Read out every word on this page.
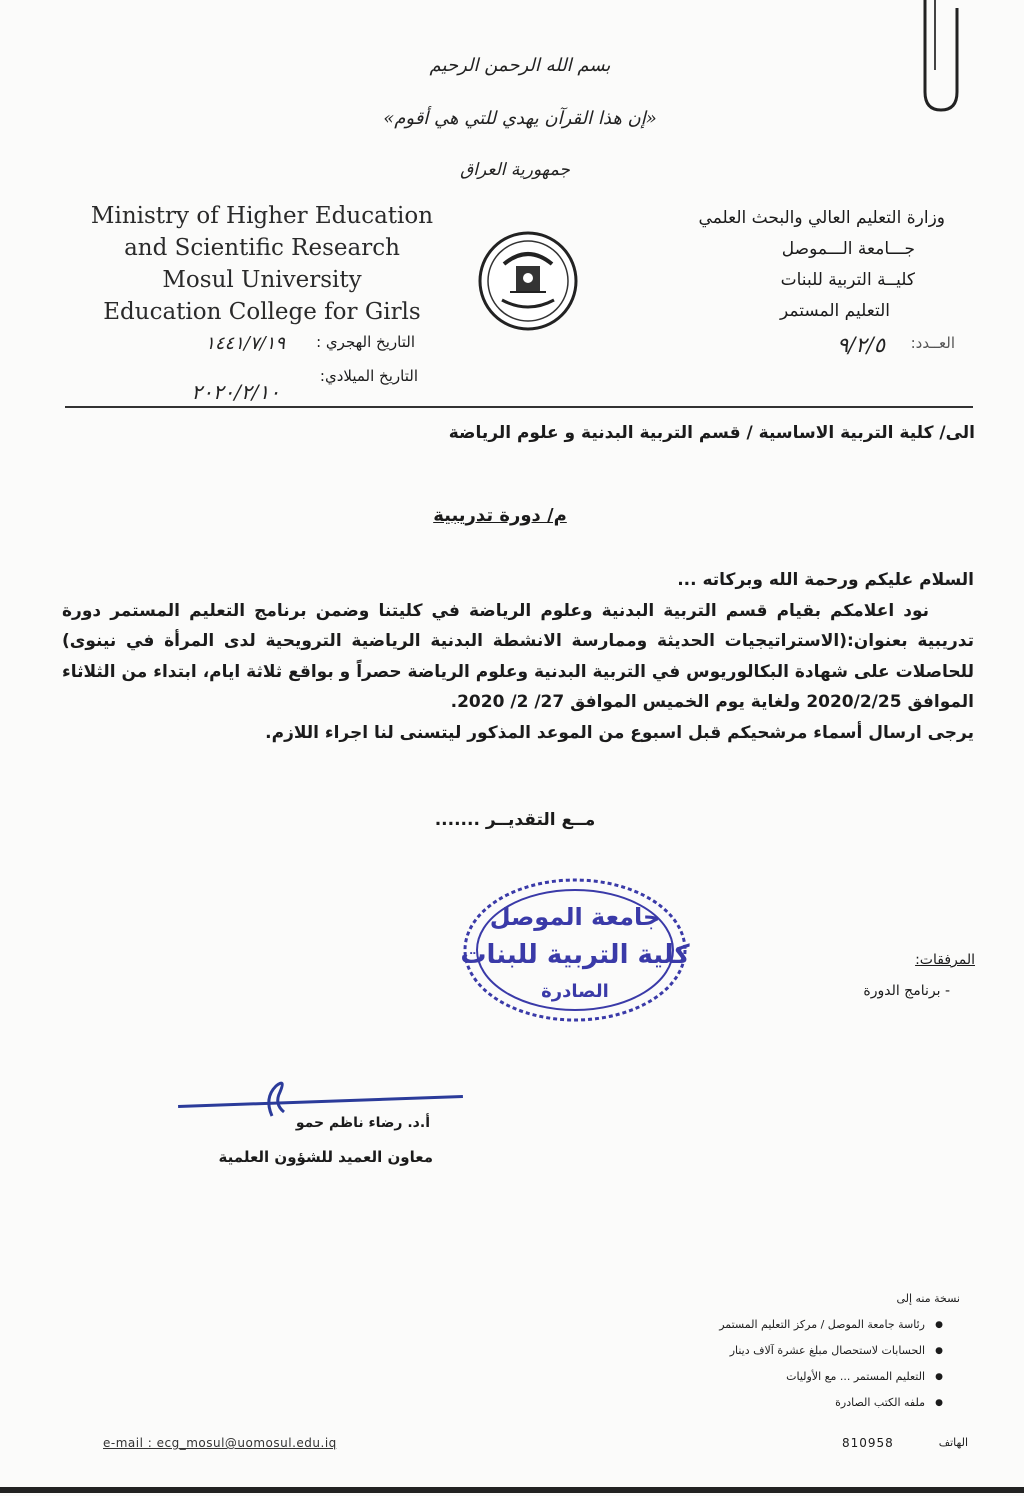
بسم الله الرحمن الرحيم
«إن هذا القرآن يهدي للتي هي أقوم»
جمهورية العراق
Ministry of Higher Education
and Scientific Research
Mosul University
Education College for Girls
وزارة التعليم العالي والبحث العلمي
جـــامعة الـــموصل
كليــة التربية للبنات
التعليم المستمر
العــدد:
٩/٢/٥
التاريخ الهجري :
١٤٤١/٧/١٩
التاريخ الميلادي:
٢٠٢٠/٢/١٠
الى/ كلية التربية الاساسية / قسم التربية البدنية و علوم الرياضة
م/ دورة تدريبية

السلام عليكم ورحمة الله وبركاته ...

نود اعلامكم بقيام قسم التربية البدنية وعلوم الرياضة في كليتنا وضمن برنامج التعليم المستمر دورة تدريبية بعنوان:(الاستراتيجيات الحديثة وممارسة الانشطة البدنية الرياضية الترويحية لدى المرأة في نينوى) للحاصلات على شهادة البكالوريوس في التربية البدنية وعلوم الرياضة حصراً و بواقع ثلاثة ايام، ابتداء من الثلاثاء الموافق 2020/2/25 ولغاية يوم الخميس الموافق 27/ 2/ 2020.

يرجى ارسال أسماء مرشحيكم قبل اسبوع من الموعد المذكور ليتسنى لنا اجراء اللازم.

مــع التقديــر .......
جامعة الموصل
كلية التربية للبنات
الصادرة
المرفقات:
- برنامج الدورة
أ.د. رضاء ناظم حمو
معاون العميد للشؤون العلمية
نسخة منه إلى
● رئاسة جامعة الموصل / مركز التعليم المستمر
● الحسابات لاستحصال مبلغ عشرة آلاف دينار
● التعليم المستمر ... مع الأوليات
● ملفه الكتب الصادرة
الهاتف
810958
e-mail : ecg_mosul@uomosul.edu.iq
